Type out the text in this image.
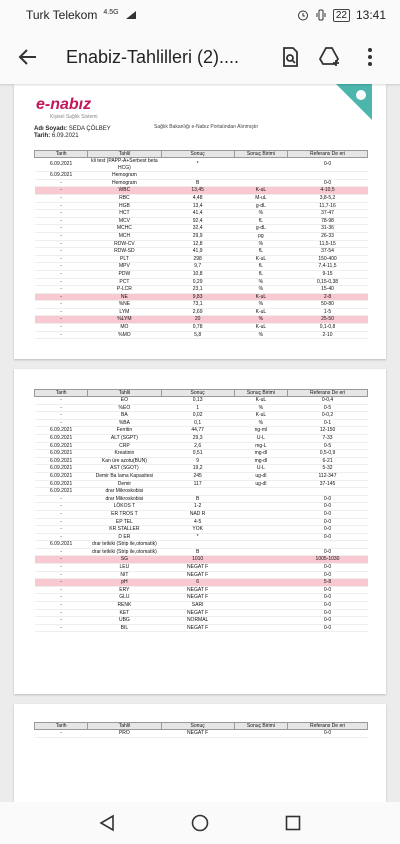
Turk Telekom 4.5G	22 13:41
Enabiz-Tahlilleri (2)....
e-nabız
Kişisel Sağlık Sistemi
Sağlık Bakanlığı e-Nabız Portalından Alınmıştır
Adı Soyadı: SEDA ÇÖLBEY
Tarih: 6.09.2021
Tarih	Tahlil	Sonuç	Sonuç Birimi	Referans De eri
6.09.2021	kli test (PAPP-A+Serbest beta HCG)	*		0-0
6.09.2021	Hemogram			
-	Hemogram	B		0-0
-	WBC	13,45	K-uL	4-10,5
-	RBC	4,48	M-uL	3,8-5,2
-	HGB	13,4	g-dL	11,7-16
-	HCT	41,4	%	37-47
-	MCV	92,4	fL	78-98
-	MCHC	32,4	g-dL	31-36
-	MCH	29,9	pg	26-33
-	RDW-CV	12,8	%	11,5-15
-	RDW-SD	41,9	fL	37-54
-	PLT	298	K-uL	150-400
-	MPV	9,7	fL	7,4-11,5
-	PDW	10,8	fL	9-15
-	PCT	0,29	%	0,15-0,38
-	P-LCR	23,1	%	15-40
-	NE	9,83	K-uL	2-8
-	%NE	73,1	%	50-80
-	LYM	2,69	K-uL	1-5
-	%LYM	20	%	25-50
-	MO	0,78	K-uL	0,1-0,8
-	%MO	5,8	%	2-10
Tarih	Tahlil	Sonuç	Sonuç Birimi	Referans De eri
-	EO	0,13	K-uL	0-0,4
-	%EO	1	%	0-5
-	BA	0,02	K-uL	0-0,2
-	%BA	0,1	%	0-1
6.09.2021	Ferritin	44,77	ng-ml	12-150
6.09.2021	ALT (SGPT)	29,3	U-L	7-33
6.09.2021	CRP	2,6	mg-L	0-5
6.09.2021	Kreatinin	0,51	mg-dl	0,5-0,9
6.09.2021	Kan üre azotu(BUN)	9	mg-dl	6-21
6.09.2021	AST (SGOT)	19,2	U-L	5-32
6.09.2021	Demir Ba lama Kapasitesi	245	ug-dl	112-347
6.09.2021	Demir	117	ug-dl	37-145
6.09.2021	drar Mikroskobisi			
-	drar Mikroskobisi	B		0-0
-	LÖKOS T	1-2		0-0
-	ER TROS T	NAD R		0-0
-	EP TEL	4-5		0-0
-	KR STALLER	YOK		0-0
-	D ER	*		0-0
6.09.2021	drar tetkiki (Strip ile,otomatik)			
-	drar tetkiki (Strip ile,otomatik)	B		0-0
-	SG	1010		1005-1030
-	LEU	NEGAT F		0-0
-	NIT	NEGAT F		0-0
-	pH	6		5-8
-	ERY	NEGAT F		0-0
-	GLU	NEGAT F		0-0
-	RENK	SARI		0-0
-	KET	NEGAT F		0-0
-	UBG	NORMAL		0-0
-	BIL	NEGAT F		0-0
Tarih	Tahlil	Sonuç	Sonuç Birimi	Referans De eri
-	PRO	NEGAT F		0-0
